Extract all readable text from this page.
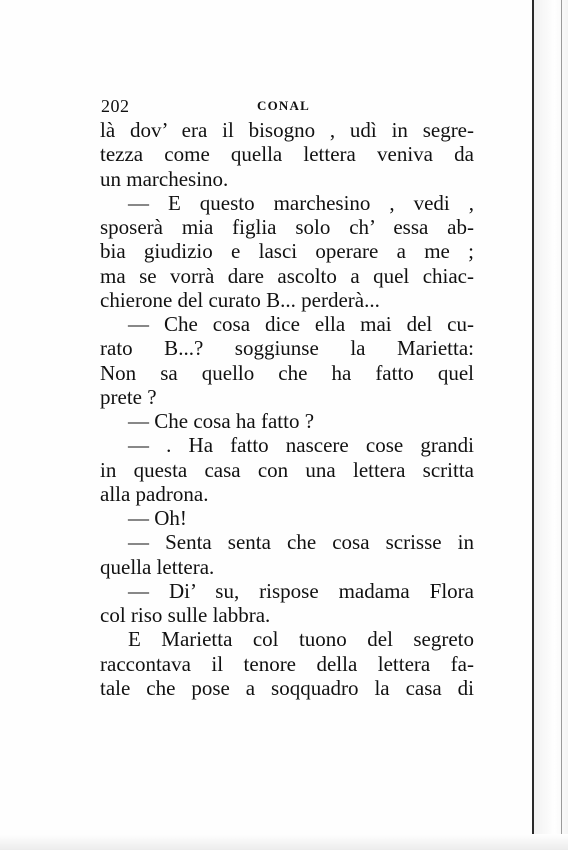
202	CONAL
là dov’ era il bisogno , udì in segre-
tezza come quella lettera veniva da
un marchesino.
— E questo marchesino , vedi ,
sposerà mia figlia solo ch’ essa ab-
bia giudizio e lasci operare a me ;
ma se vorrà dare ascolto a quel chiac-
chierone del curato B... perderà...
— Che cosa dice ella mai del cu-
rato B...? soggiunse la Marietta:
Non sa quello che ha fatto quel
prete ?
— Che cosa ha fatto ?
— . Ha fatto nascere cose grandi
in questa casa con una lettera scritta
alla padrona.
— Oh!
— Senta senta che cosa scrisse in
quella lettera.
— Di’ su, rispose madama Flora
col riso sulle labbra.
E Marietta col tuono del segreto
raccontava il tenore della lettera fa-
tale che pose a soqquadro la casa di
